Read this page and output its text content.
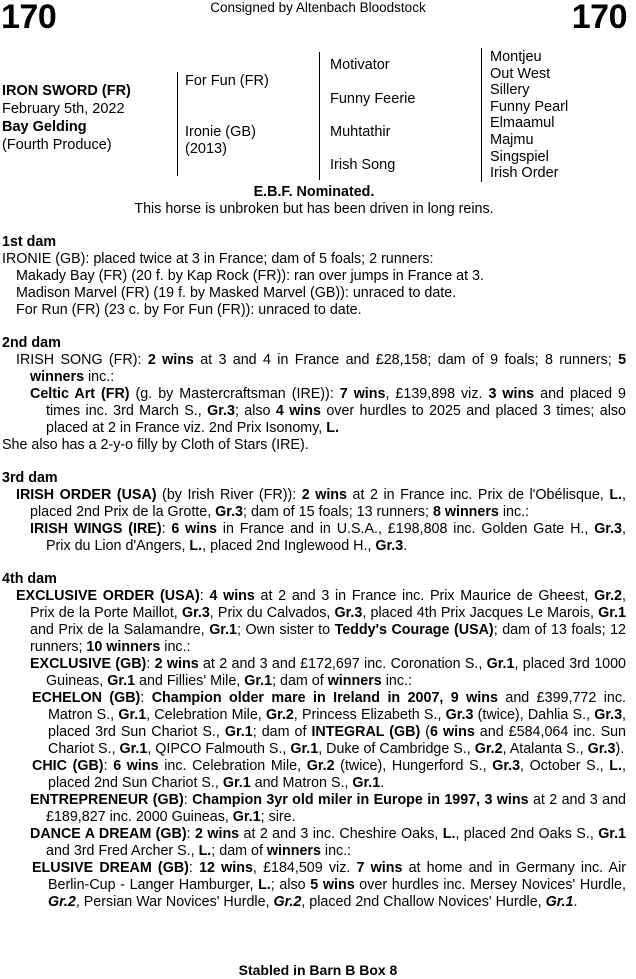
170	Consigned by Altenbach Bloodstock	170
IRON SWORD (FR)
February 5th, 2022
Bay Gelding
(Fourth Produce)
For Fun (FR)
Ironie (GB)
(2013)
Motivator
Funny Feerie
Muhtathir
Irish Song
Montjeu
Out West
Sillery
Funny Pearl
Elmaamul
Majmu
Singspiel
Irish Order
E.B.F. Nominated.
This horse is unbroken but has been driven in long reins.
1st dam
IRONIE (GB): placed twice at 3 in France; dam of 5 foals; 2 runners:
Makady Bay (FR) (20 f. by Kap Rock (FR)): ran over jumps in France at 3.
Madison Marvel (FR) (19 f. by Masked Marvel (GB)): unraced to date.
For Run (FR) (23 c. by For Fun (FR)): unraced to date.
2nd dam
IRISH SONG (FR): 2 wins at 3 and 4 in France and £28,158; dam of 9 foals; 8 runners; 5 winners inc.:
Celtic Art (FR) (g. by Mastercraftsman (IRE)): 7 wins, £139,898 viz. 3 wins and placed 9 times inc. 3rd March S., Gr.3; also 4 wins over hurdles to 2025 and placed 3 times; also placed at 2 in France viz. 2nd Prix Isonomy, L.
She also has a 2-y-o filly by Cloth of Stars (IRE).
3rd dam
IRISH ORDER (USA) (by Irish River (FR)): 2 wins at 2 in France inc. Prix de l'Obélisque, L., placed 2nd Prix de la Grotte, Gr.3; dam of 15 foals; 13 runners; 8 winners inc.:
IRISH WINGS (IRE): 6 wins in France and in U.S.A., £198,808 inc. Golden Gate H., Gr.3, Prix du Lion d'Angers, L., placed 2nd Inglewood H., Gr.3.
4th dam
EXCLUSIVE ORDER (USA): 4 wins at 2 and 3 in France inc. Prix Maurice de Gheest, Gr.2, Prix de la Porte Maillot, Gr.3, Prix du Calvados, Gr.3, placed 4th Prix Jacques Le Marois, Gr.1 and Prix de la Salamandre, Gr.1; Own sister to Teddy's Courage (USA); dam of 13 foals; 12 runners; 10 winners inc.:
EXCLUSIVE (GB): 2 wins at 2 and 3 and £172,697 inc. Coronation S., Gr.1, placed 3rd 1000 Guineas, Gr.1 and Fillies' Mile, Gr.1; dam of winners inc.:
ECHELON (GB): Champion older mare in Ireland in 2007, 9 wins and £399,772 inc. Matron S., Gr.1, Celebration Mile, Gr.2, Princess Elizabeth S., Gr.3 (twice), Dahlia S., Gr.3, placed 3rd Sun Chariot S., Gr.1; dam of INTEGRAL (GB) (6 wins and £584,064 inc. Sun Chariot S., Gr.1, QIPCO Falmouth S., Gr.1, Duke of Cambridge S., Gr.2, Atalanta S., Gr.3).
CHIC (GB): 6 wins inc. Celebration Mile, Gr.2 (twice), Hungerford S., Gr.3, October S., L., placed 2nd Sun Chariot S., Gr.1 and Matron S., Gr.1.
ENTREPRENEUR (GB): Champion 3yr old miler in Europe in 1997, 3 wins at 2 and 3 and £189,827 inc. 2000 Guineas, Gr.1; sire.
DANCE A DREAM (GB): 2 wins at 2 and 3 inc. Cheshire Oaks, L., placed 2nd Oaks S., Gr.1 and 3rd Fred Archer S., L.; dam of winners inc.:
ELUSIVE DREAM (GB): 12 wins, £184,509 viz. 7 wins at home and in Germany inc. Air Berlin-Cup - Langer Hamburger, L.; also 5 wins over hurdles inc. Mersey Novices' Hurdle, Gr.2, Persian War Novices' Hurdle, Gr.2, placed 2nd Challow Novices' Hurdle, Gr.1.
Stabled in Barn B Box 8
